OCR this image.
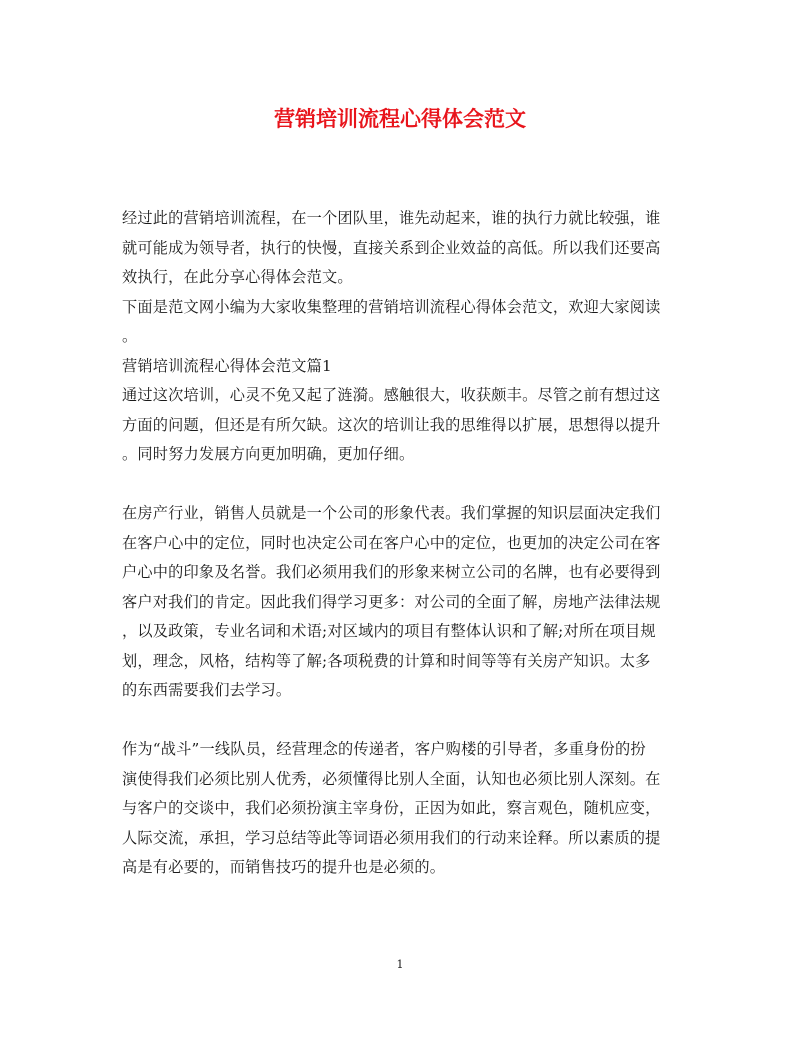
营销培训流程心得体会范文
经过此的营销培训流程，在一个团队里，谁先动起来，谁的执行力就比较强，谁
就可能成为领导者，执行的快慢，直接关系到企业效益的高低。所以我们还要高
效执行，在此分享心得体会范文。
下面是范文网小编为大家收集整理的营销培训流程心得体会范文，欢迎大家阅读
。
营销培训流程心得体会范文篇1
通过这次培训，心灵不免又起了涟漪。感触很大，收获颇丰。尽管之前有想过这
方面的问题，但还是有所欠缺。这次的培训让我的思维得以扩展，思想得以提升
。同时努力发展方向更加明确，更加仔细。
在房产行业，销售人员就是一个公司的形象代表。我们掌握的知识层面决定我们
在客户心中的定位，同时也决定公司在客户心中的定位，也更加的决定公司在客
户心中的印象及名誉。我们必须用我们的形象来树立公司的名牌，也有必要得到
客户对我们的肯定。因此我们得学习更多：对公司的全面了解，房地产法律法规
，以及政策，专业名词和术语;对区域内的项目有整体认识和了解;对所在项目规
划，理念，风格，结构等了解;各项税费的计算和时间等等有关房产知识。太多
的东西需要我们去学习。
作为“战斗”一线队员，经营理念的传递者，客户购楼的引导者，多重身份的扮
演使得我们必须比别人优秀，必须懂得比别人全面，认知也必须比别人深刻。在
与客户的交谈中，我们必须扮演主宰身份，正因为如此，察言观色，随机应变，
人际交流，承担，学习总结等此等词语必须用我们的行动来诠释。所以素质的提
高是有必要的，而销售技巧的提升也是必须的。
1
